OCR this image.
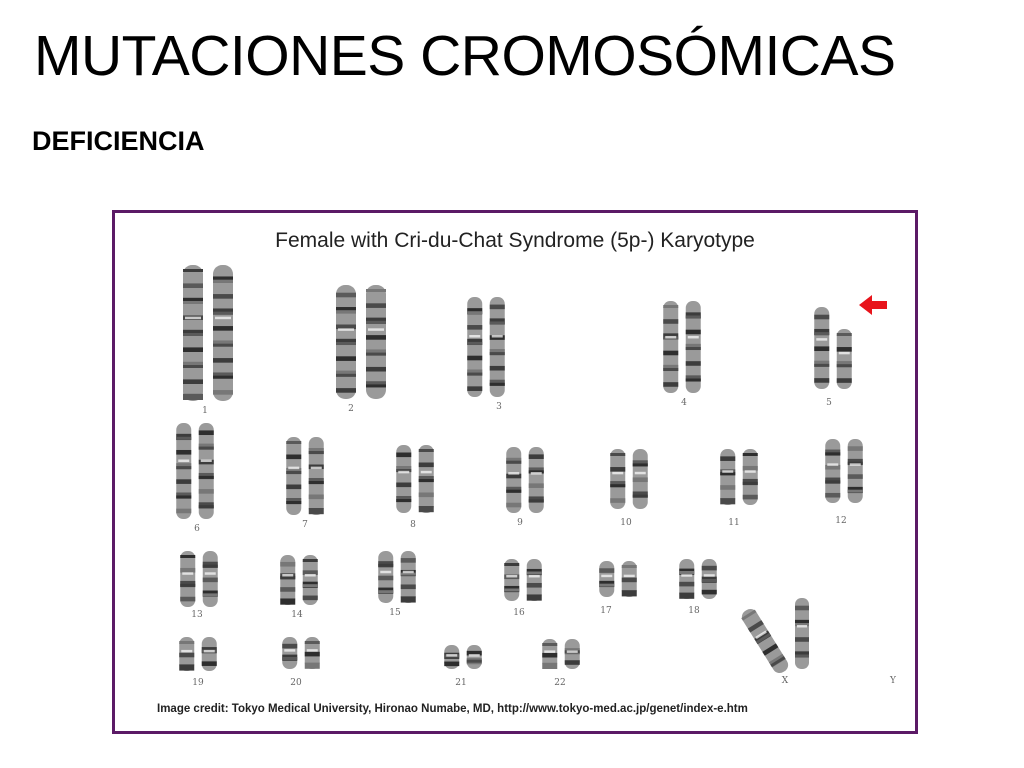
MUTACIONES CROMOSÓMICAS
DEFICIENCIA
Female with Cri-du-Chat Syndrome (5p-) Karyotype
1	2	3	4	5
6	7	8	9	10	11	12
13	14	15	16	17	18
19	20	21	22	X	Y
Image credit: Tokyo Medical University, Hironao Numabe, MD, http://www.tokyo-med.ac.jp/genet/index-e.htm
